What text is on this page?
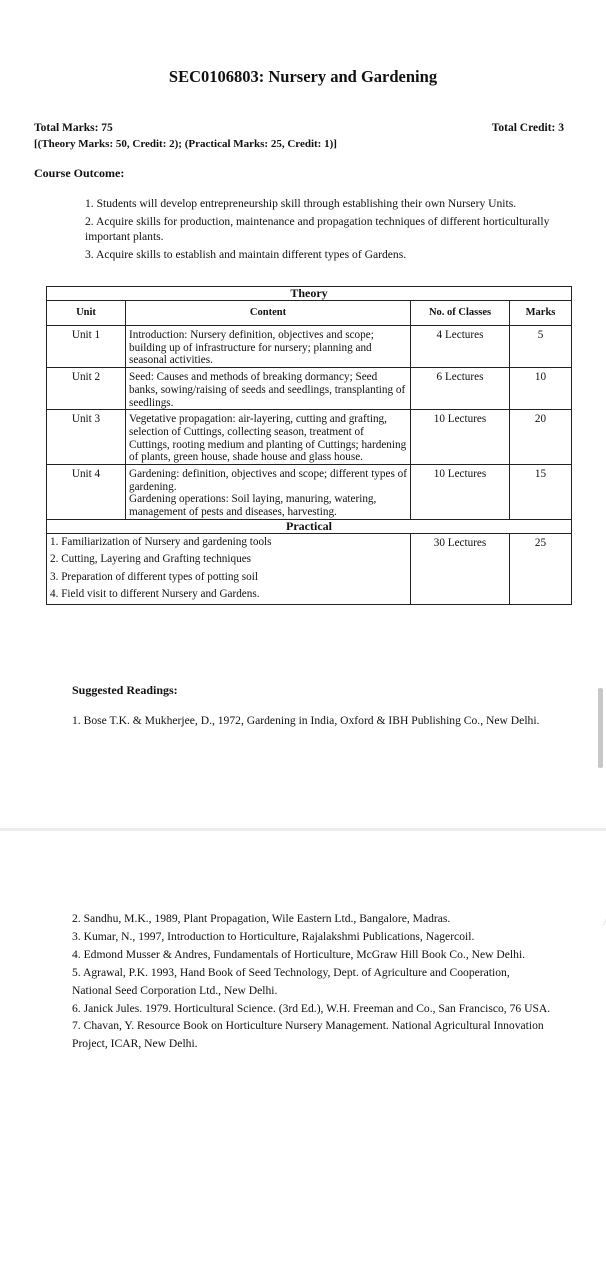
SEC0106803: Nursery and Gardening
Total Marks: 75	Total Credit: 3
[(Theory Marks: 50, Credit: 2); (Practical Marks: 25, Credit: 1)]
Course Outcome:
1. Students will develop entrepreneurship skill through establishing their own Nursery Units.
2. Acquire skills for production, maintenance and propagation techniques of different horticulturally important plants.
3. Acquire skills to establish and maintain different types of Gardens.
Theory			
Unit	Content	No. of Classes	Marks
Unit 1	Introduction: Nursery definition, objectives and scope; building up of infrastructure for nursery; planning and seasonal activities.	4 Lectures	5
Unit 2	Seed: Causes and methods of breaking dormancy; Seed banks, sowing/raising of seeds and seedlings, transplanting of seedlings.	6 Lectures	10
Unit 3	Vegetative propagation: air-layering, cutting and grafting, selection of Cuttings, collecting season, treatment of Cuttings, rooting medium and planting of Cuttings; hardening of plants, green house, shade house and glass house.	10 Lectures	20
Unit 4	Gardening: definition, objectives and scope; different types of gardening.
Gardening operations: Soil laying, manuring, watering, management of pests and diseases, harvesting.	10 Lectures	15
Practical			

1. Familiarization of Nursery and gardening tools
2. Cutting, Layering and Grafting techniques
3. Preparation of different types of potting soil
4. Field visit to different Nursery and Gardens.		30 Lectures	25
Suggested Readings:
1. Bose T.K. & Mukherjee, D., 1972, Gardening in India, Oxford & IBH Publishing Co., New Delhi.
2. Sandhu, M.K., 1989, Plant Propagation, Wile Eastern Ltd., Bangalore, Madras.
3. Kumar, N., 1997, Introduction to Horticulture, Rajalakshmi Publications, Nagercoil.
4. Edmond Musser & Andres, Fundamentals of Horticulture, McGraw Hill Book Co., New Delhi.
5. Agrawal, P.K. 1993, Hand Book of Seed Technology, Dept. of Agriculture and Cooperation, National Seed Corporation Ltd., New Delhi.
6. Janick Jules. 1979. Horticultural Science. (3rd Ed.), W.H. Freeman and Co., San Francisco, 76 USA.
7. Chavan, Y. Resource Book on Horticulture Nursery Management. National Agricultural Innovation Project, ICAR, New Delhi.
